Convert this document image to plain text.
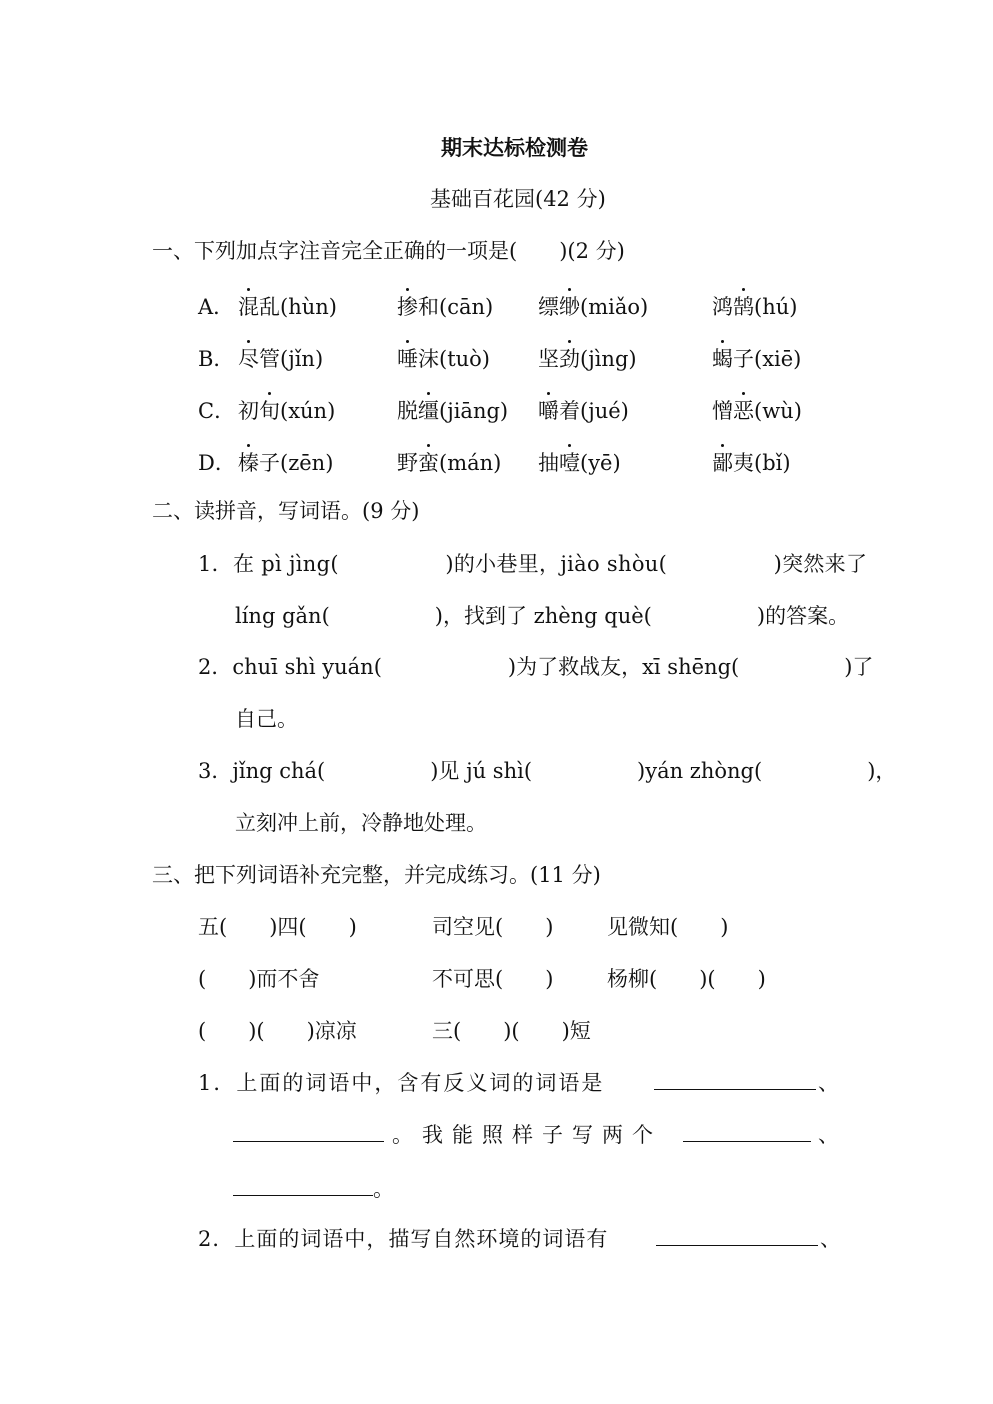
期末达标检测卷
基础百花园(42 分)
一、下列加点字注音完全正确的一项是(　　)(2 分)
A． 混乱(hùn)	掺和(cān) 缥缈(miǎo)	鸿鹄(hú)
B． 尽管(jǐn)	唾沫(tuò) 坚劲(jìng)	蝎子(xiē)
C． 初旬(xún)	脱缰(jiāng) 嚼着(jué)	憎恶(wù)
D． 榛子(zēn)	野蛮(mán) 抽噎(yē)	鄙夷(bǐ)
二、读拼音，写词语。(9 分)
1．在 pì jìng(　　　　　)的小巷里，jiào shòu(　　　　　)突然来了
líng gǎn(　　　　　)，找到了 zhèng què(　　　　　)的答案。
2．chuī shì yuán(　　　　　　)为了救战友，xī shēng(　　　　　)了
自己。
3．jǐng chá(　　　　　)见 jú shì(　　　　　)yán zhòng(　　　　　)，
立刻冲上前，冷静地处理。
三、把下列词语补充完整，并完成练习。(11 分)
五(　　)四(　　)	司空见(　　)	见微知(　　)
(　　)而不舍	不可思(　　)	杨柳(　　)(　　)
(　　)(　　)凉凉	三(　　)(　　)短
1．上面的词语中，含有反义词的词语是	、
。我能照样子写两个	、
。
2．上面的词语中，描写自然环境的词语有	、
